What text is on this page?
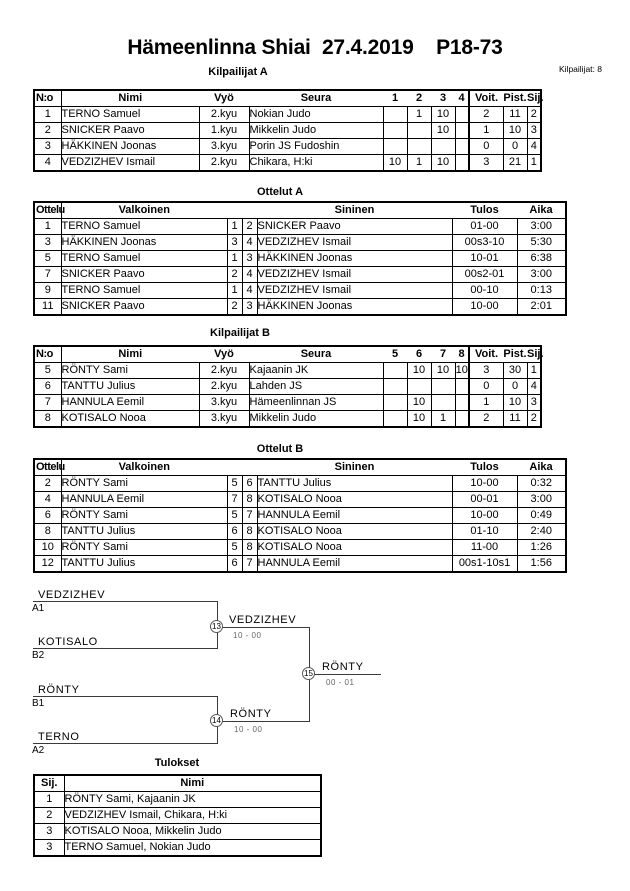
Hämeenlinna Shiai  27.4.2019    P18-73
Kilpailijat: 8
Kilpailijat A
N:o	Nimi	Vyö	Seura	1	2	3	4	Voit.	Pist.	Sij.
1	TERNO Samuel	2.kyu	Nokian Judo		1	10		2	11	2
2	SNICKER Paavo	1.kyu	Mikkelin Judo			10		1	10	3
3	HÄKKINEN Joonas	3.kyu	Porin JS Fudoshin					0	0	4
4	VEDZIZHEV Ismail	2.kyu	Chikara, H:ki	10	1	10		3	21	1
Ottelut A
Ottelu	Valkoinen			Sininen	Tulos	Aika
1	TERNO Samuel	1	2	SNICKER Paavo	01-00	3:00
3	HÄKKINEN Joonas	3	4	VEDZIZHEV Ismail	00s3-10	5:30
5	TERNO Samuel	1	3	HÄKKINEN Joonas	10-01	6:38
7	SNICKER Paavo	2	4	VEDZIZHEV Ismail	00s2-01	3:00
9	TERNO Samuel	1	4	VEDZIZHEV Ismail	00-10	0:13
11	SNICKER Paavo	2	3	HÄKKINEN Joonas	10-00	2:01
Kilpailijat B
N:o	Nimi	Vyö	Seura	5	6	7	8	Voit.	Pist.	Sij.
5	RÖNTY Sami	2.kyu	Kajaanin JK		10	10	10	3	30	1
6	TANTTU Julius	2.kyu	Lahden JS					0	0	4
7	HANNULA Eemil	3.kyu	Hämeenlinnan JS		10			1	10	3
8	KOTISALO Nooa	3.kyu	Mikkelin Judo		10	1		2	11	2
Ottelut B
Ottelu	Valkoinen			Sininen	Tulos	Aika
2	RÖNTY Sami	5	6	TANTTU Julius	10-00	0:32
4	HANNULA Eemil	7	8	KOTISALO Nooa	00-01	3:00
6	RÖNTY Sami	5	7	HANNULA Eemil	10-00	0:49
8	TANTTU Julius	6	8	KOTISALO Nooa	01-10	2:40
10	RÖNTY Sami	5	8	KOTISALO Nooa	11-00	1:26
12	TANTTU Julius	6	7	HANNULA Eemil	00s1-10s1	1:56
VEDZIZHEV
A1
KOTISALO
B2
13
VEDZIZHEV
10 - 00
RÖNTY
B1
TERNO
A2
14
RÖNTY
10 - 00
15
RÖNTY
00 - 01
Tulokset
Sij.	Nimi
1	RÖNTY Sami, Kajaanin JK
2	VEDZIZHEV Ismail, Chikara, H:ki
3	KOTISALO Nooa, Mikkelin Judo
3	TERNO Samuel, Nokian Judo
